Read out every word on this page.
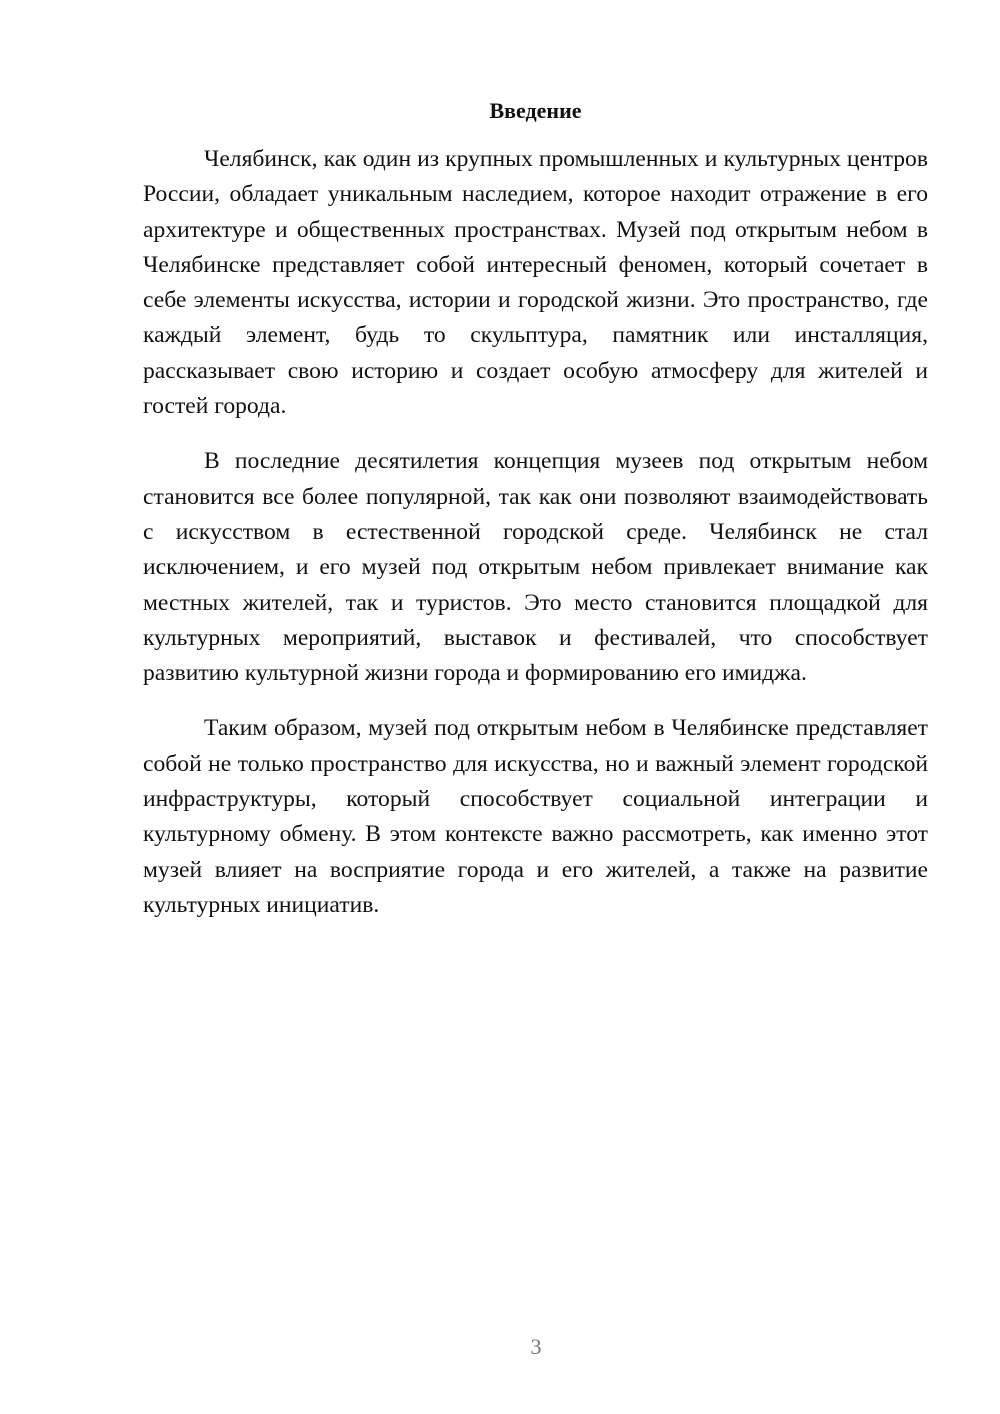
Введение

Челябинск, как один из крупных промышленных и культурных центров России, обладает уникальным наследием, которое находит отражение в его архитектуре и общественных пространствах. Музей под открытым небом в Челябинске представляет собой интересный феномен, который сочетает в себе элементы искусства, истории и городской жизни. Это пространство, где каждый элемент, будь то скульптура, памятник или инсталляция, рассказывает свою историю и создает особую атмосферу для жителей и гостей города.

В последние десятилетия концепция музеев под открытым небом становится все более популярной, так как они позволяют взаимодействовать с искусством в естественной городской среде. Челябинск не стал исключением, и его музей под открытым небом привлекает внимание как местных жителей, так и туристов. Это место становится площадкой для культурных мероприятий, выставок и фестивалей, что способствует развитию культурной жизни города и формированию его имиджа.

Таким образом, музей под открытым небом в Челябинске представляет собой не только пространство для искусства, но и важный элемент городской инфраструктуры, который способствует социальной интеграции и культурному обмену. В этом контексте важно рассмотреть, как именно этот музей влияет на восприятие города и его жителей, а также на развитие культурных инициатив.

3
